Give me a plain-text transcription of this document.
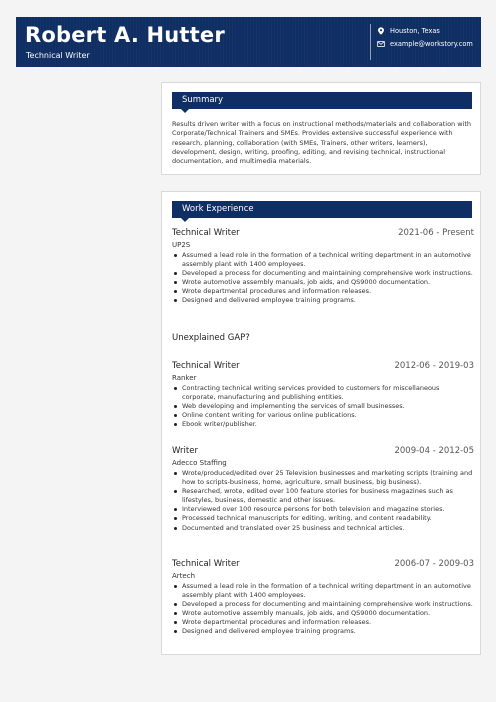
Robert A. Hutter
Technical Writer
Houston, Texas
example@workstory.com
Summary
Results driven writer with a focus on instructional methods/materials and collaboration with Corporate/Technical Trainers and SMEs. Provides extensive successful experience with research, planning, collaboration (with SMEs, Trainers, other writers, learners), development, design, writing, proofing, editing, and revising technical, instructional documentation, and multimedia materials.
Work Experience
Technical Writer	2021-06 - Present
UP2S
Assumed a lead role in the formation of a technical writing department in an automotive assembly plant with 1400 employees.
Developed a process for documenting and maintaining comprehensive work instructions.
Wrote automotive assembly manuals, job aids, and QS9000 documentation.
Wrote departmental procedures and information releases.
Designed and delivered employee training programs.
Unexplained GAP?
Technical Writer	2012-06 - 2019-03
Ranker
Contracting technical writing services provided to customers for miscellaneous corporate, manufacturing and publishing entities.
Web developing and implementing the services of small businesses.
Online content writing for various online publications.
Ebook writer/publisher.
Writer	2009-04 - 2012-05
Adecco Staffing
Wrote/produced/edited over 25 Television businesses and marketing scripts (training and how to scripts-business, home, agriculture, small business, big business).
Researched, wrote, edited over 100 feature stories for business magazines such as lifestyles, business, domestic and other issues.
Interviewed over 100 resource persons for both television and magazine stories.
Processed technical manuscripts for editing, writing, and content readability.
Documented and translated over 25 business and technical articles.
Technical Writer	2006-07 - 2009-03
Artech
Assumed a lead role in the formation of a technical writing department in an automotive assembly plant with 1400 employees.
Developed a process for documenting and maintaining comprehensive work instructions.
Wrote automotive assembly manuals, job aids, and QS9000 documentation.
Wrote departmental procedures and information releases.
Designed and delivered employee training programs.
